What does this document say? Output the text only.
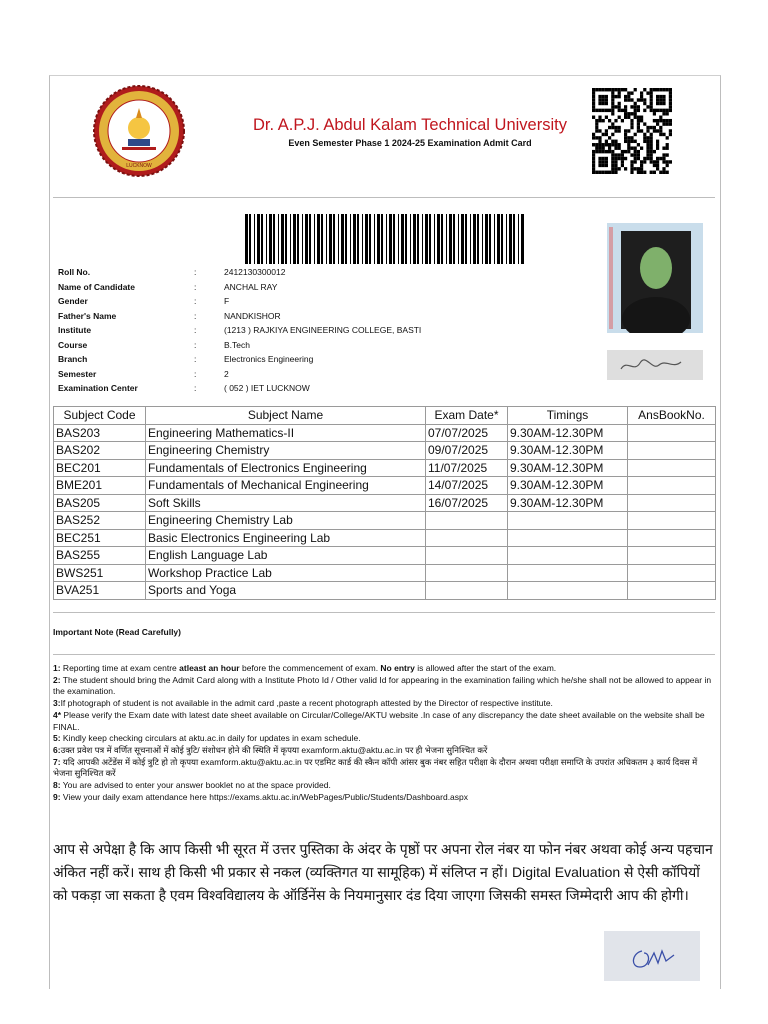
LUCKNOW
Dr. A.P.J. Abdul Kalam Technical University
Even Semester Phase 1 2024-25 Examination Admit Card
Roll No.	:	2412130300012
Name of Candidate	:	ANCHAL RAY
Gender	:	F
Father's Name	:	NANDKISHOR
Institute	:	(1213 ) RAJKIYA ENGINEERING COLLEGE, BASTI
Course	:	B.Tech
Branch	:	Electronics Engineering
Semester	:	2
Examination Center	:	( 052 ) IET LUCKNOW
Subject Code	Subject Name	Exam Date*	Timings	AnsBookNo.
BAS203	Engineering Mathematics-II	07/07/2025	9.30AM-12.30PM	
BAS202	Engineering Chemistry	09/07/2025	9.30AM-12.30PM	
BEC201	Fundamentals of Electronics Engineering	11/07/2025	9.30AM-12.30PM	
BME201	Fundamentals of Mechanical Engineering	14/07/2025	9.30AM-12.30PM	
BAS205	Soft Skills	16/07/2025	9.30AM-12.30PM	
BAS252	Engineering Chemistry Lab			
BEC251	Basic Electronics Engineering Lab			
BAS255	English Language Lab			
BWS251	Workshop Practice Lab			
BVA251	Sports and Yoga			
Important Note (Read Carefully)

1: Reporting time at exam centre atleast an hour before the commencement of exam. No entry is allowed after the start of the exam.

2: The student should bring the Admit Card along with a Institute Photo Id / Other valid Id for appearing in the examination failing which he/she shall not be allowed to appear in the examination.

3:If photograph of student is not available in the admit card ,paste a recent photograph attested by the Director of respective institute.

4* Please verify the Exam date with latest date sheet available on Circular/College/AKTU website .In case of any discrepancy the date sheet available on the website shall be FINAL.

5: Kindly keep checking circulars at aktu.ac.in daily for updates in exam schedule.

6:उक्त प्रवेश पत्र में वर्णित सूचनाओं में कोई त्रुटि/ संशोधन होने की स्थिति में कृपया examform.aktu@aktu.ac.in पर ही भेजना सुनिश्चित करें

7: यदि आपकी अटेंडेंस में कोई त्रुटि हो तो कृपया examform.aktu@aktu.ac.in पर एडमिट कार्ड की स्कैन कॉपी आंसर बुक नंबर सहित परीक्षा के दौरान अथवा परीक्षा समाप्ति के उपरांत अधिकतम ३ कार्य दिवस में भेजना सुनिश्चित करें

8: You are advised to enter your answer booklet no at the space provided.

9: View your daily exam attendance here https://exams.aktu.ac.in/WebPages/Public/Students/Dashboard.aspx

आप से अपेक्षा है कि आप किसी भी सूरत में उत्तर पुस्तिका के अंदर के पृष्ठों पर अपना रोल नंबर या फोन नंबर अथवा कोई अन्य पहचान अंकित नहीं करें। साथ ही किसी भी प्रकार से नकल (व्यक्तिगत या सामूहिक) में संलिप्त न हों। Digital Evaluation से ऐसी कॉपियों को पकड़ा जा सकता है एवम विश्वविद्यालय के ऑर्डिनेंस के नियमानुसार दंड दिया जाएगा जिसकी समस्त जिम्मेदारी आप की होगी।
